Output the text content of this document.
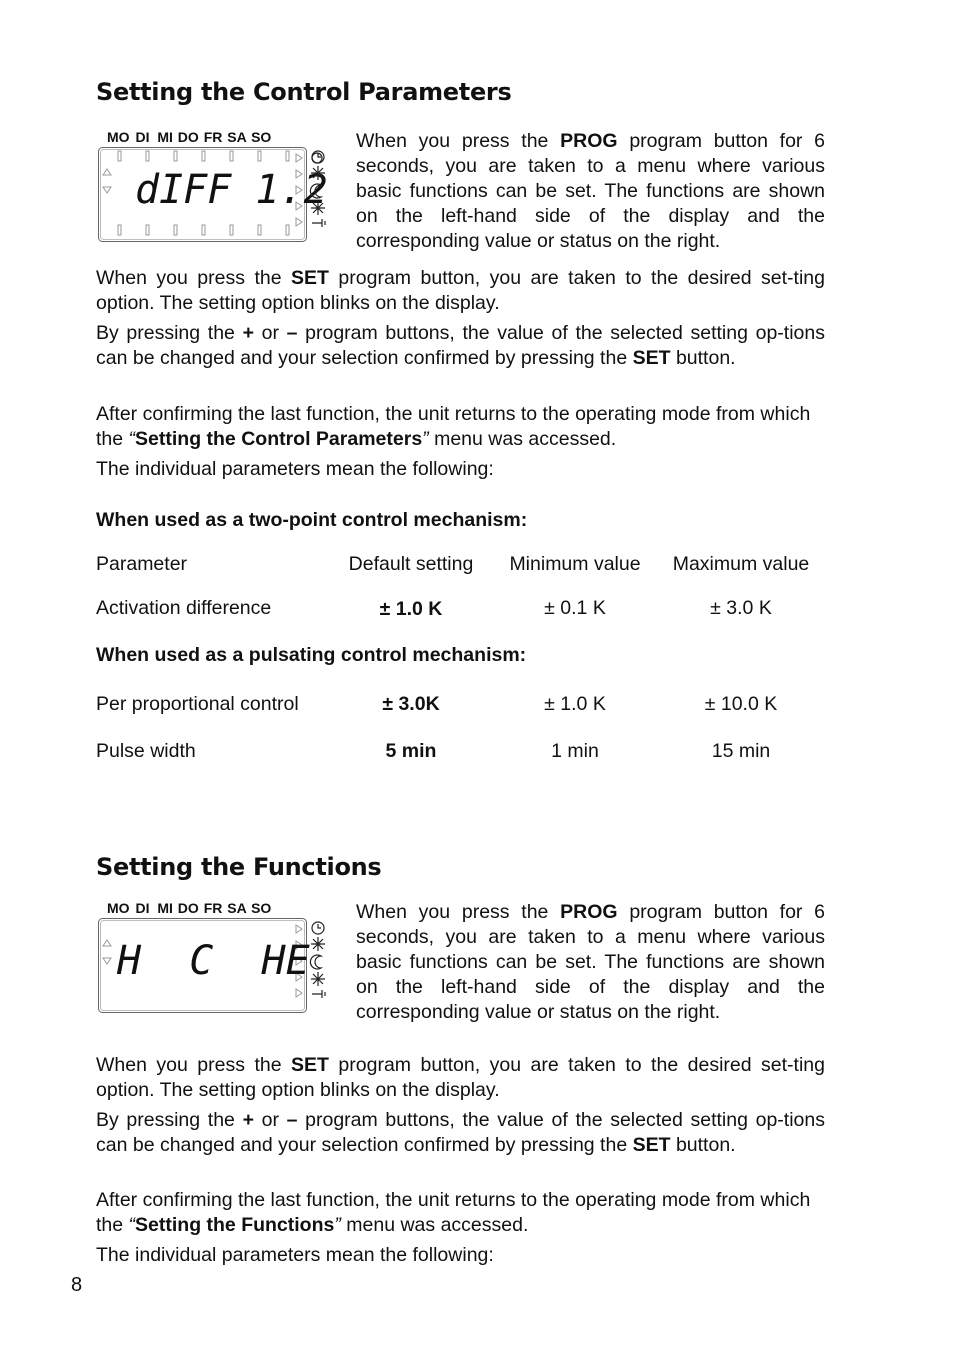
Setting the Control Parameters
MO DI MI DO FR SA SO
dIFF 1.2
When you press the PROG program button for 6 seconds, you are taken to a menu where various basic functions can be set. The functions are shown on the left-hand side of the display and the corresponding value or status on the right.
When you press the SET program button, you are taken to the desired set-ting option. The setting option blinks on the display.
By pressing the + or – program buttons, the value of the selected setting op-tions can be changed and your selection confirmed by pressing the SET button.
After confirming the last function, the unit returns to the operating mode from which the “Setting the Control Parameters” menu was accessed.
The individual parameters mean the following:
When used as a two-point control mechanism:
Parameter	Default setting	Minimum value	Maximum value
Activation difference	± 1.0 K	± 0.1 K	± 3.0 K
When used as a pulsating control mechanism:
Per proportional control	± 3.0K	± 1.0 K	± 10.0 K
Pulse width	5 min	1 min	15 min
Setting the Functions
MO DI MI DO FR SA SO
H  C  HE
When you press the PROG program button for 6 seconds, you are taken to a menu where various basic functions can be set. The functions are shown on the left-hand side of the display and the corresponding value or status on the right.
When you press the SET program button, you are taken to the desired set-ting option. The setting option blinks on the display.
By pressing the + or – program buttons, the value of the selected setting op-tions can be changed and your selection confirmed by pressing the SET button.
After confirming the last function, the unit returns to the operating mode from which the “Setting the Functions” menu was accessed.
The individual parameters mean the following:
8
